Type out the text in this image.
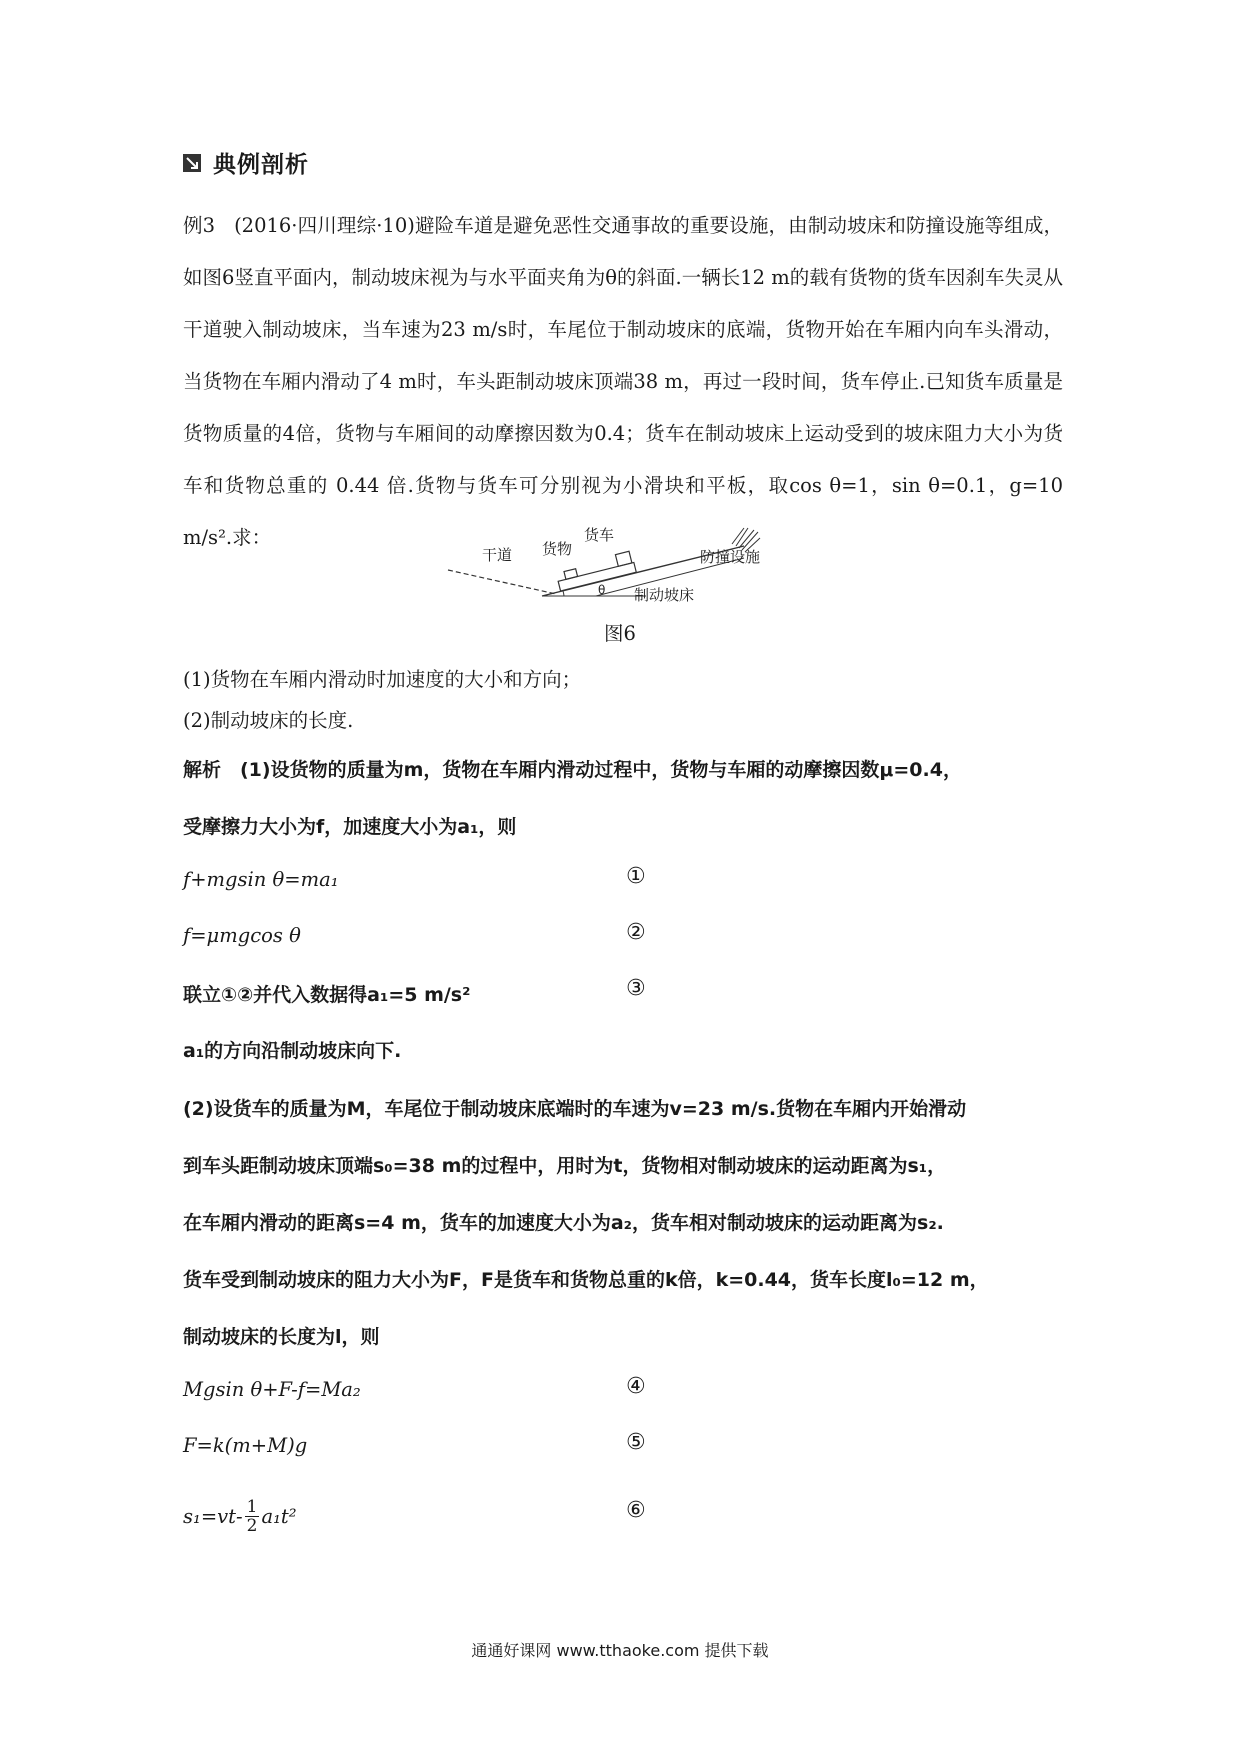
典例剖析
例3 (2016·四川理综·10)避险车道是避免恶性交通事故的重要设施，由制动坡床和防撞设施等组成，如图6竖直平面内，制动坡床视为与水平面夹角为θ的斜面.一辆长12 m的载有货物的货车因刹车失灵从干道驶入制动坡床，当车速为23 m/s时，车尾位于制动坡床的底端，货物开始在车厢内向车头滑动，当货物在车厢内滑动了4 m时，车头距制动坡床顶端38 m，再过一段时间，货车停止.已知货车质量是货物质量的4倍，货物与车厢间的动摩擦因数为0.4；货车在制动坡床上运动受到的坡床阻力大小为货车和货物总重的 0.44 倍.货物与货车可分别视为小滑块和平板，取cos θ=1，sin θ=0.1，g=10 m/s².求：
干道 货物
货车
防撞设施
制动坡床
θ
图6
(1)货物在车厢内滑动时加速度的大小和方向；
(2)制动坡床的长度.
解析　(1)设货物的质量为m，货物在车厢内滑动过程中，货物与车厢的动摩擦因数μ=0.4，
受摩擦力大小为f，加速度大小为a₁，则
f+mgsin θ=ma₁	①
f=μmgcos θ	②
联立①②并代入数据得a₁=5 m/s²	③
a₁的方向沿制动坡床向下.
(2)设货车的质量为M，车尾位于制动坡床底端时的车速为v=23 m/s.货物在车厢内开始滑动
到车头距制动坡床顶端s₀=38 m的过程中，用时为t，货物相对制动坡床的运动距离为s₁，
在车厢内滑动的距离s=4 m，货车的加速度大小为a₂，货车相对制动坡床的运动距离为s₂.
货车受到制动坡床的阻力大小为F，F是货车和货物总重的k倍，k=0.44，货车长度l₀=12 m，
制动坡床的长度为l，则
Mgsin θ+F-f=Ma₂	④
F=k(m+M)g	⑤
$s_1=vt- \frac{1}{2} a_1t^2$	⑥
通通好课网 www.tthaoke.com 提供下载
